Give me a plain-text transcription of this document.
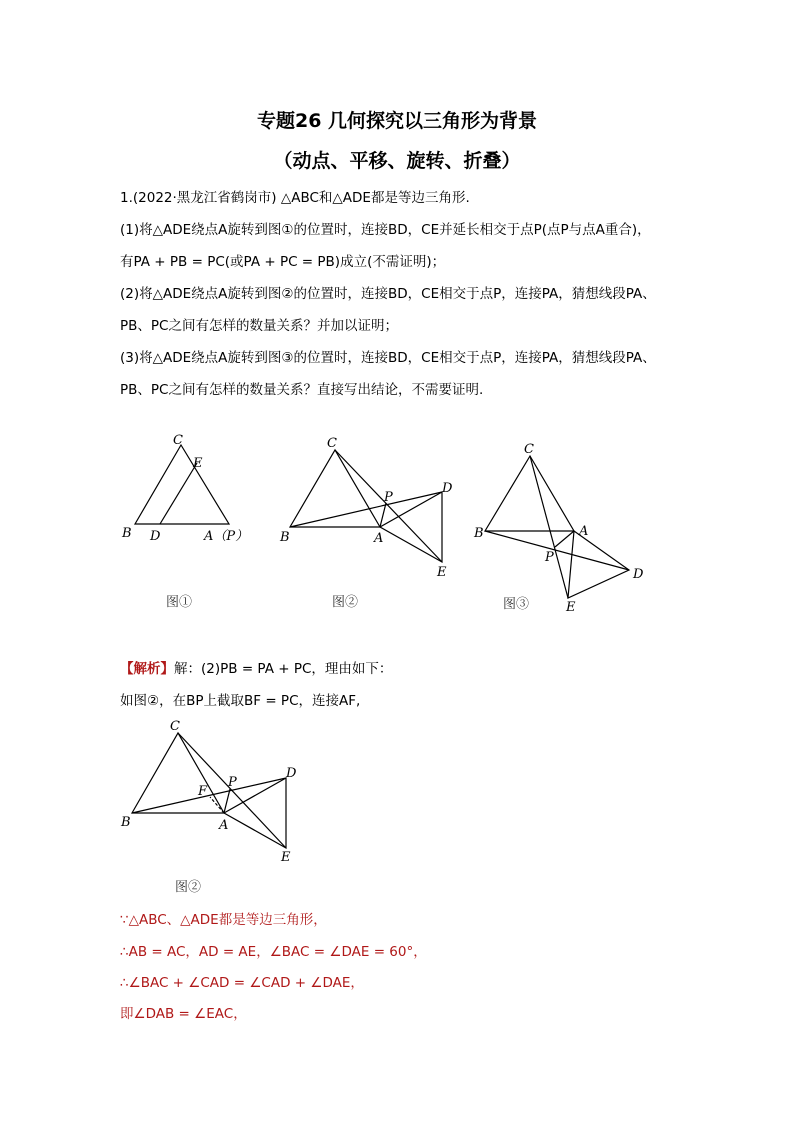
专题26 几何探究以三角形为背景
（动点、平移、旋转、折叠）
1.(2022·黑龙江省鹤岗市) △ABC和△ADE都是等边三角形.
(1)将△ADE绕点A旋转到图①的位置时，连接BD，CE并延长相交于点P(点P与点A重合)，
有PA + PB = PC(或PA + PC = PB)成立(不需证明)；
(2)将△ADE绕点A旋转到图②的位置时，连接BD，CE相交于点P，连接PA，猜想线段PA、
PB、PC之间有怎样的数量关系？并加以证明；
(3)将△ADE绕点A旋转到图③的位置时，连接BD，CE相交于点P，连接PA，猜想线段PA、
PB、PC之间有怎样的数量关系？直接写出结论，不需要证明.
C
E
B D	A（P）
图①
C
P
D
B	A
E
图②
C
A
B
P
D
E
图③
【解析】解：(2)PB = PA + PC，理由如下：
如图②，在BP上截取BF = PC，连接AF,
C
P
D
F
B	A
E
图②
∵△ABC、△ADE都是等边三角形，
∴AB = AC，AD = AE，∠BAC = ∠DAE = 60°，
∴∠BAC + ∠CAD = ∠CAD + ∠DAE，
即∠DAB = ∠EAC，
